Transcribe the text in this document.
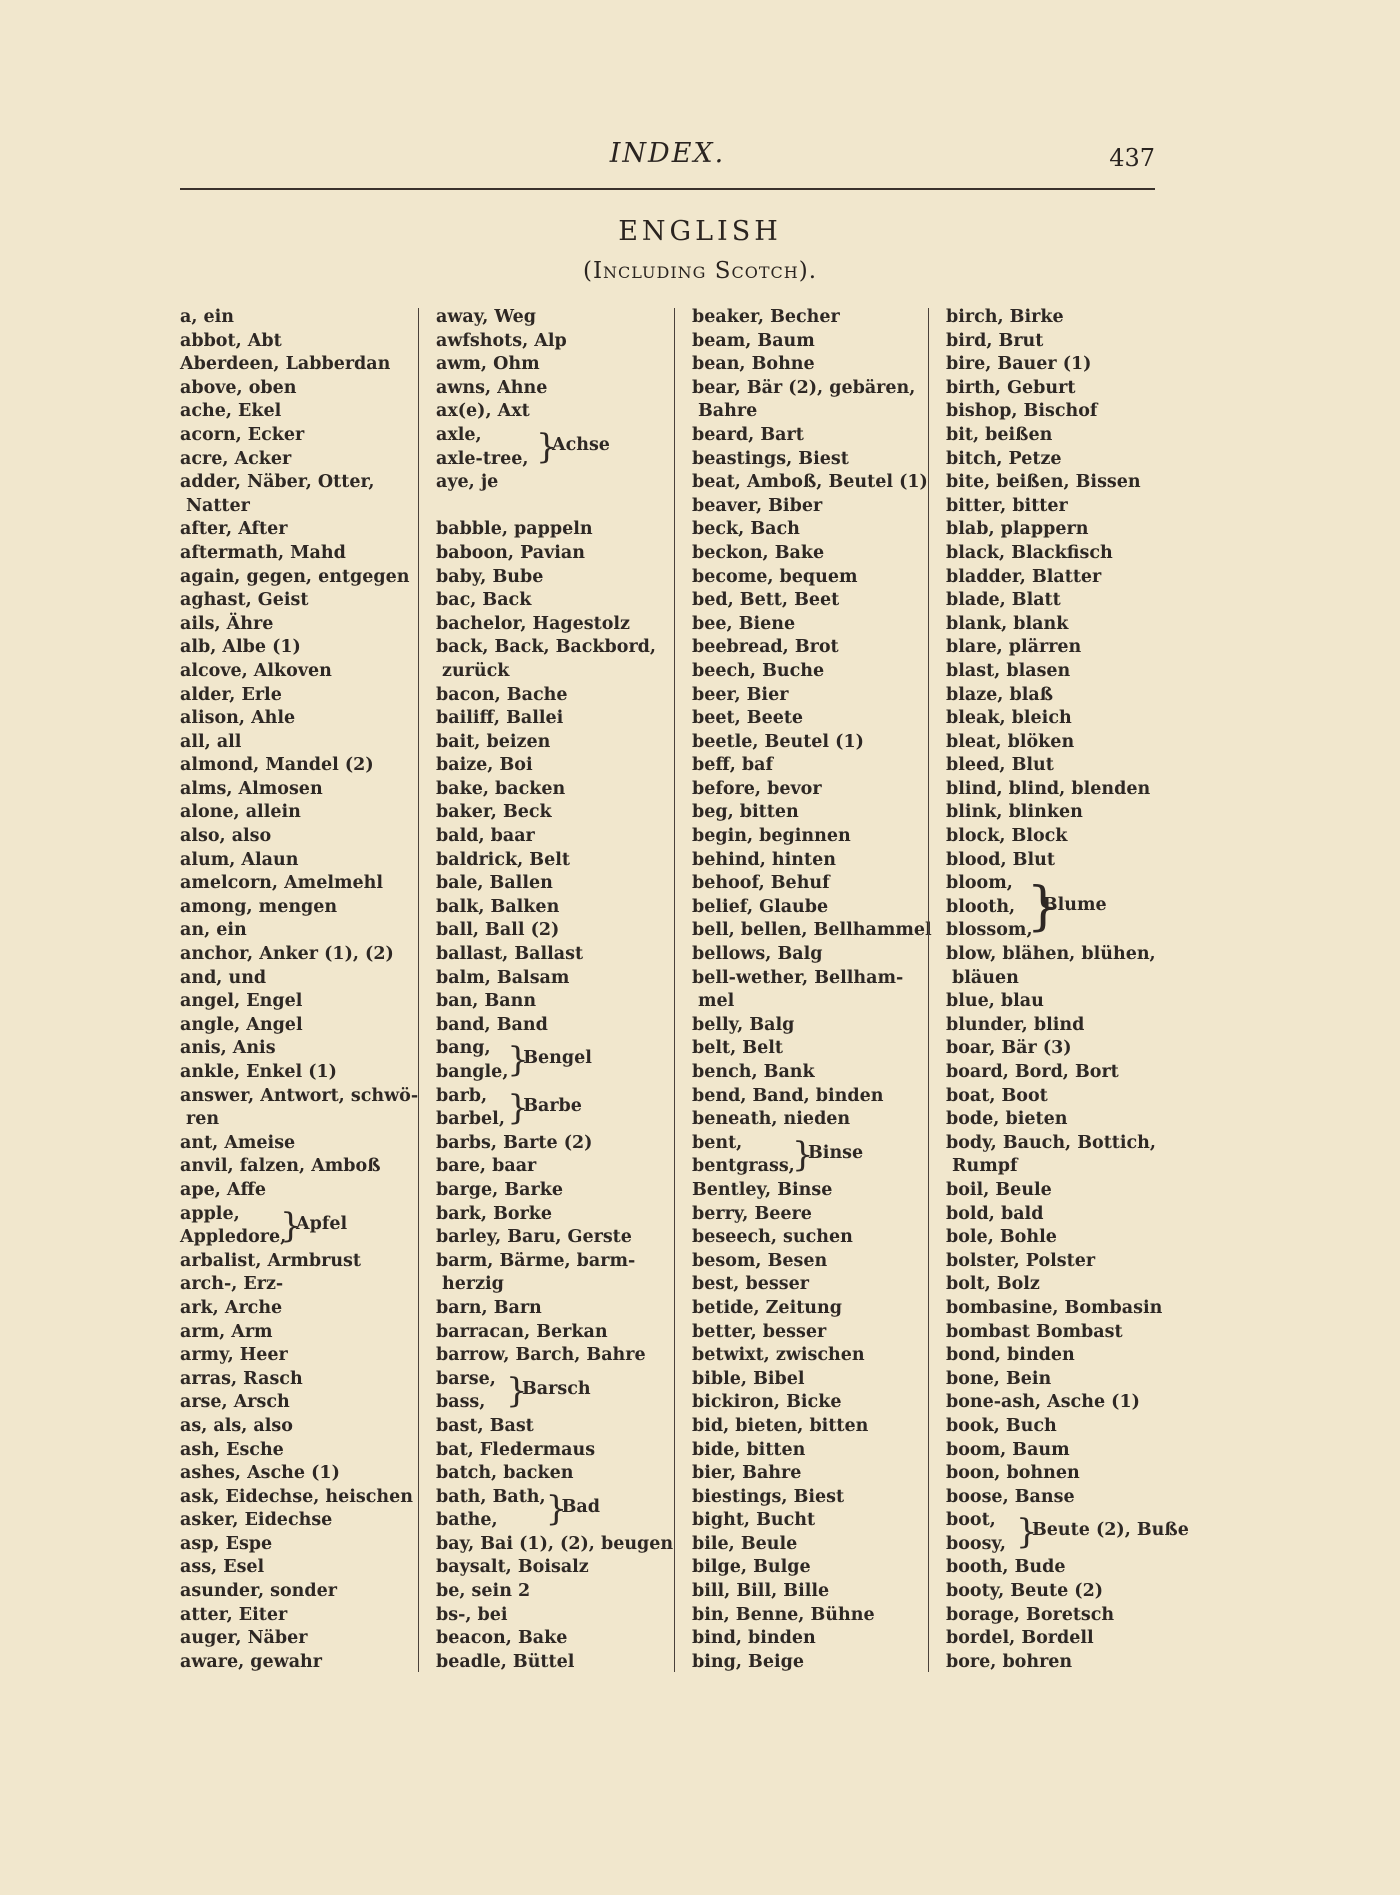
INDEX.	437
ENGLISH
(Including Scotch).
a, ein
abbot, Abt
Aberdeen, Labberdan
above, oben
ache, Ekel
acorn, Ecker
acre, Acker
adder, Näber, Otter,
Natter
after, After
aftermath, Mahd
again, gegen, entgegen
aghast, Geist
ails, Ähre
alb, Albe (1)
alcove, Alkoven
alder, Erle
alison, Ahle
all, all
almond, Mandel (2)
alms, Almosen
alone, allein
also, also
alum, Alaun
amelcorn, Amelmehl
among, mengen
an, ein
anchor, Anker (1), (2)
and, und
angel, Engel
angle, Angel
anis, Anis
ankle, Enkel (1)
answer, Antwort, schwö-
ren
ant, Ameise
anvil, falzen, Amboß
ape, Affe
apple,
Appledore,
}
Apfel
arbalist, Armbrust
arch-, Erz-
ark, Arche
arm, Arm
army, Heer
arras, Rasch
arse, Arsch
as, als, also
ash, Esche
ashes, Asche (1)
ask, Eidechse, heischen
asker, Eidechse
asp, Espe
ass, Esel
asunder, sonder
atter, Eiter
auger, Näber
aware, gewahr
away, Weg
awfshots, Alp
awm, Ohm
awns, Ahne
ax(e), Axt
axle,
axle-tree, }
Achse
aye, je
babble, pappeln
baboon, Pavian
baby, Bube
bac, Back
bachelor, Hagestolz
back, Back, Backbord,
zurück
bacon, Bache
bailiff, Ballei
bait, beizen
baize, Boi
bake, backen
baker, Beck
bald, baar
baldrick, Belt
bale, Ballen
balk, Balken
ball, Ball (2)
ballast, Ballast
balm, Balsam
ban, Bann
band, Band
bang,
bangle,
}
Bengel
barb,
barbel, }
Barbe
barbs, Barte (2)
bare, baar
barge, Barke
bark, Borke
barley, Baru, Gerste
barm, Bärme, barm-
herzig
barn, Barn
barracan, Berkan
barrow, Barch, Bahre
barse,
bass, }
Barsch
bast, Bast
bat, Fledermaus
batch, backen
bath, Bath,
bathe,	}
Bad
bay, Bai (1), (2), beugen
baysalt, Boisalz
be, sein 2
bs-, bei
beacon, Bake
beadle, Büttel
beaker, Becher
beam, Baum
bean, Bohne
bear, Bär (2), gebären,
Bahre
beard, Bart
beastings, Biest
beat, Amboß, Beutel (1)
beaver, Biber
beck, Bach
beckon, Bake
become, bequem
bed, Bett, Beet
bee, Biene
beebread, Brot
beech, Buche
beer, Bier
beet, Beete
beetle, Beutel (1)
beff, baf
before, bevor
beg, bitten
begin, beginnen
behind, hinten
behoof, Behuf
belief, Glaube
bell, bellen, Bellhammel
bellows, Balg
bell-wether, Bellham-
mel
belly, Balg
belt, Belt
bench, Bank
bend, Band, binden
beneath, nieden
bent,
bentgrass,
}
Binse
Bentley, Binse
berry, Beere
beseech, suchen
besom, Besen
best, besser
betide, Zeitung
better, besser
betwixt, zwischen
bible, Bibel
bickiron, Bicke
bid, bieten, bitten
bide, bitten
bier, Bahre
biestings, Biest
bight, Bucht
bile, Beule
bilge, Bulge
bill, Bill, Bille
bin, Benne, Bühne
bind, binden
bing, Beige
birch, Birke
bird, Brut
bire, Bauer (1)
birth, Geburt
bishop, Bischof
bit, beißen
bitch, Petze
bite, beißen, Bissen
bitter, bitter
blab, plappern
black, Blackfisch
bladder, Blatter
blade, Blatt
blank, blank
blare, plärren
blast, blasen
blaze, blaß
bleak, bleich
bleat, blöken
bleed, Blut
blind, blind, blenden
blink, blinken
block, Block
blood, Blut
bloom,
blooth,
blossom,
}
Blume
blow, blähen, blühen,
bläuen
blue, blau
blunder, blind
boar, Bär (3)
board, Bord, Bort
boat, Boot
bode, bieten
body, Bauch, Bottich,
Rumpf
boil, Beule
bold, bald
bole, Bohle
bolster, Polster
bolt, Bolz
bombasine, Bombasin
bombast Bombast
bond, binden
bone, Bein
bone-ash, Asche (1)
book, Buch
boom, Baum
boon, bohnen
boose, Banse
boot,
boosy, }
Beute (2), Buße
booth, Bude
booty, Beute (2)
borage, Boretsch
bordel, Bordell
bore, bohren
